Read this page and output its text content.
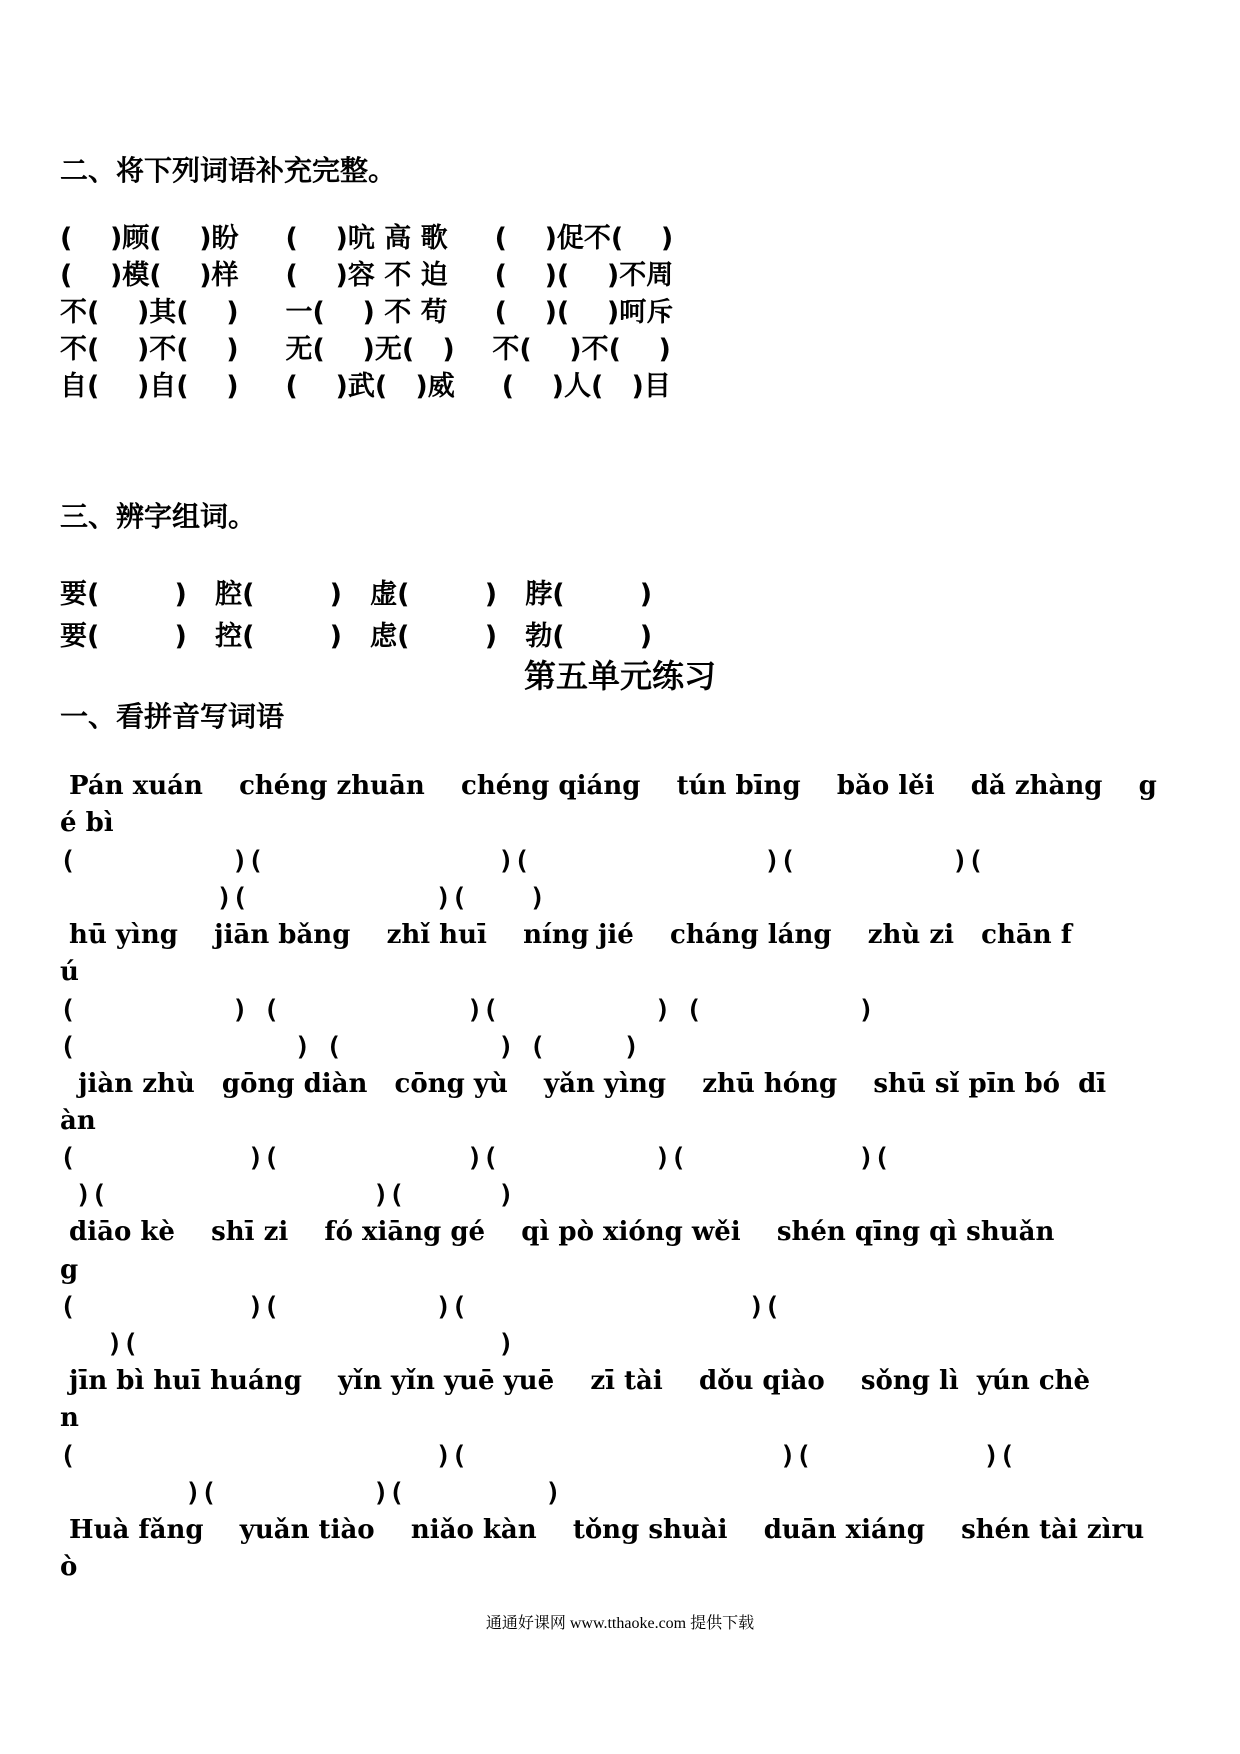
二、将下列词语补充完整。
(    )顾(    )盼     (    )吭 高 歌     (    )促不(    )
(    )模(    )样     (    )容 不 迫     (    )(    )不周
不(    )其(    )     一(    ) 不 苟     (    )(    )呵斥
不(    )不(    )     无(    )无(   )    不(    )不(    )
自(    )自(    )     (    )武(   )威     (    )人(   )目
三、辨字组词。
要(        )   腔(        )   虚(        )   脖(        )
要(        )   控(        )   虑(        )   勃(        )
第五单元练习
一、看拼音写词语
Pán xuán    chéng zhuān    chéng qiáng    tún bīng    bǎo lěi    dǎ zhàng    g
é bì
(          )(               )(               )(          )(
)(            )(    )
hū yìng    jiān bǎng    zhǐ huī    níng jié    cháng láng    zhù zi   chān f
ú
(          ) (            )(          ) (          )
(              ) (          ) (     )
jiàn zhù   gōng diàn   cōng yù    yǎn yìng    zhū hóng    shū sǐ pīn bó  dī
àn
(           )(            )(          )(           )(
)(                 )(      )
diāo kè    shī zi    fó xiāng gé    qì pò xióng wěi    shén qīng qì shuǎn
g
(           )(          )(                  )(
)(                       )
jīn bì huī huáng    yǐn yǐn yuē yuē    zī tài    dǒu qiào    sǒng lì  yún chè
n
(                       )(                    )(           )(
)(          )(         )
Huà fǎng    yuǎn tiào    niǎo kàn    tǒng shuài    duān xiáng    shén tài zìru
ò
通通好课网 www.tthaoke.com 提供下载
